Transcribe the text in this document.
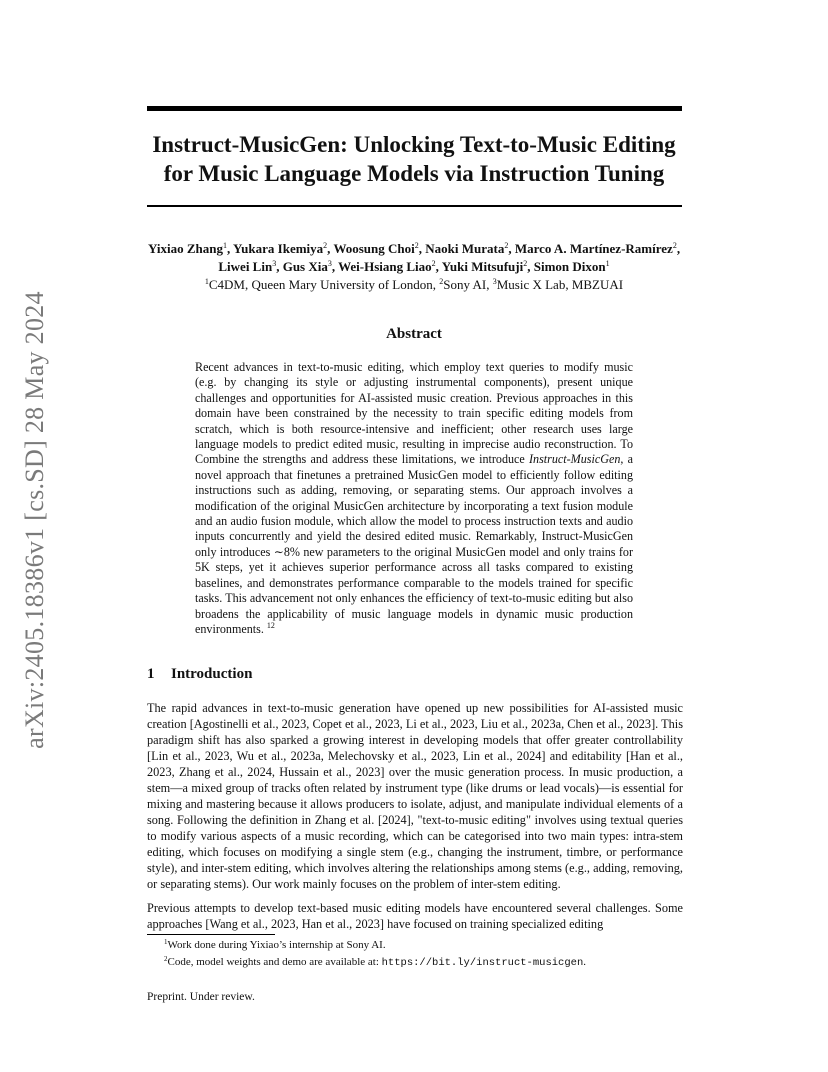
arXiv:2405.18386v1 [cs.SD] 28 May 2024
Instruct-MusicGen: Unlocking Text-to-Music Editing
for Music Language Models via Instruction Tuning
Yixiao Zhang$^1$, Yukara Ikemiya$^2$, Woosung Choi$^2$, Naoki Murata$^2$, Marco A. Martínez-Ramírez$^2$,
Liwei Lin$^3$, Gus Xia$^3$, Wei-Hsiang Liao$^2$, Yuki Mitsufuji$^2$, Simon Dixon$^1$
$^1$C4DM, Queen Mary University of London, $^2$Sony AI, $^3$Music X Lab, MBZUAI
Abstract

Recent advances in text-to-music editing, which employ text queries to modify music (e.g. by changing its style or adjusting instrumental components), present unique challenges and opportunities for AI-assisted music creation. Previous approaches in this domain have been constrained by the necessity to train specific editing models from scratch, which is both resource-intensive and inefficient; other research uses large language models to predict edited music, resulting in imprecise audio reconstruction. To Combine the strengths and address these limitations, we introduce Instruct-MusicGen, a novel approach that finetunes a pretrained MusicGen model to efficiently follow editing instructions such as adding, removing, or separating stems. Our approach involves a modification of the original MusicGen architecture by incorporating a text fusion module and an audio fusion module, which allow the model to process instruction texts and audio inputs concurrently and yield the desired edited music. Remarkably, Instruct-MusicGen only introduces ∼8% new parameters to the original MusicGen model and only trains for 5K steps, yet it achieves superior performance across all tasks compared to existing baselines, and demonstrates performance comparable to the models trained for specific tasks. This advancement not only enhances the efficiency of text-to-music editing but also broadens the applicability of music language models in dynamic music production environments. $^{12}$

1 Introduction

The rapid advances in text-to-music generation have opened up new possibilities for AI-assisted music creation [Agostinelli et al., 2023, Copet et al., 2023, Li et al., 2023, Liu et al., 2023a, Chen et al., 2023]. This paradigm shift has also sparked a growing interest in developing models that offer greater controllability [Lin et al., 2023, Wu et al., 2023a, Melechovsky et al., 2023, Lin et al., 2024] and editability [Han et al., 2023, Zhang et al., 2024, Hussain et al., 2023] over the music generation process. In music production, a stem—a mixed group of tracks often related by instrument type (like drums or lead vocals)—is essential for mixing and mastering because it allows producers to isolate, adjust, and manipulate individual elements of a song. Following the definition in Zhang et al. [2024], "text-to-music editing" involves using textual queries to modify various aspects of a music recording, which can be categorised into two main types: intra-stem editing, which focuses on modifying a single stem (e.g., changing the instrument, timbre, or performance style), and inter-stem editing, which involves altering the relationships among stems (e.g., adding, removing, or separating stems). Our work mainly focuses on the problem of inter-stem editing.

Previous attempts to develop text-based music editing models have encountered several challenges. Some approaches [Wang et al., 2023, Han et al., 2023] have focused on training specialized editing

$^1$Work done during Yixiao’s internship at Sony AI.

$^2$Code, model weights and demo are available at: https://bit.ly/instruct-musicgen.

Preprint. Under review.
